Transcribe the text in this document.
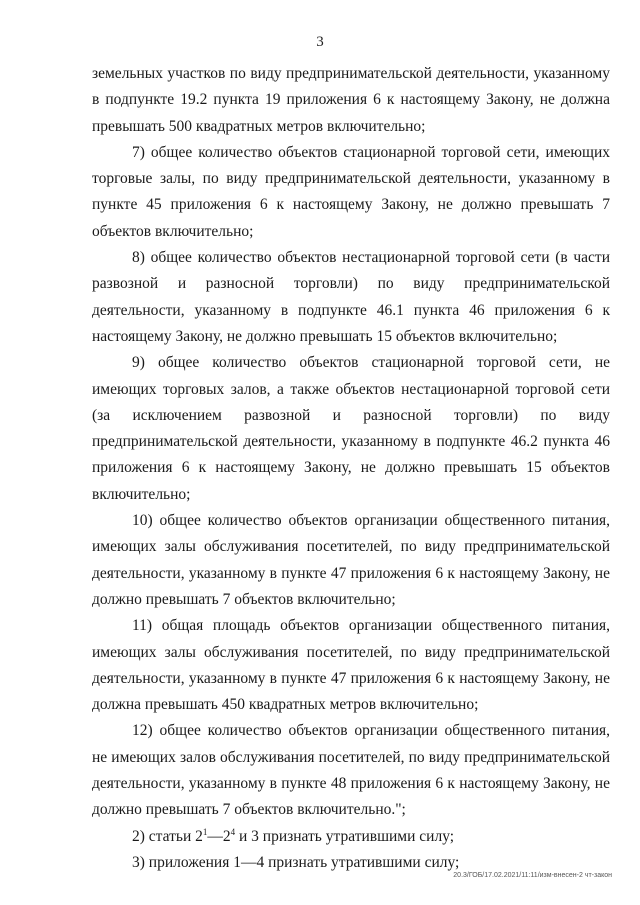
3

земельных участков по виду предпринимательской деятельности, указанному в подпункте 19.2 пункта 19 приложения 6 к настоящему Закону, не должна превышать 500 квадратных метров включительно;

7) общее количество объектов стационарной торговой сети, имеющих торговые залы, по виду предпринимательской деятельности, указанному в пункте 45 приложения 6 к настоящему Закону, не должно превышать 7 объектов включительно;

8) общее количество объектов нестационарной торговой сети (в части развозной и разносной торговли) по виду предпринимательской деятельности, указанному в подпункте 46.1 пункта 46 приложения 6 к настоящему Закону, не должно превышать 15 объектов включительно;

9) общее количество объектов стационарной торговой сети, не имеющих торговых залов, а также объектов нестационарной торговой сети (за исключением развозной и разносной торговли) по виду предпринимательской деятельности, указанному в подпункте 46.2 пункта 46 приложения 6 к настоящему Закону, не должно превышать 15 объектов включительно;

10) общее количество объектов организации общественного питания, имеющих залы обслуживания посетителей, по виду предпринимательской деятельности, указанному в пункте 47 приложения 6 к настоящему Закону, не должно превышать 7 объектов включительно;

11) общая площадь объектов организации общественного питания, имеющих залы обслуживания посетителей, по виду предпринимательской деятельности, указанному в пункте 47 приложения 6 к настоящему Закону, не должна превышать 450 квадратных метров включительно;

12) общее количество объектов организации общественного питания, не имеющих залов обслуживания посетителей, по виду предпринимательской деятельности, указанному в пункте 48 приложения 6 к настоящему Закону, не должно превышать 7 объектов включительно.";

2) статьи $2^1—2^4$ и 3 признать утратившими силу;

3) приложения 1—4 признать утратившими силу;

20.3/ГОБ/17.02.2021/11:11/изм-внесен-2 чт-закон
